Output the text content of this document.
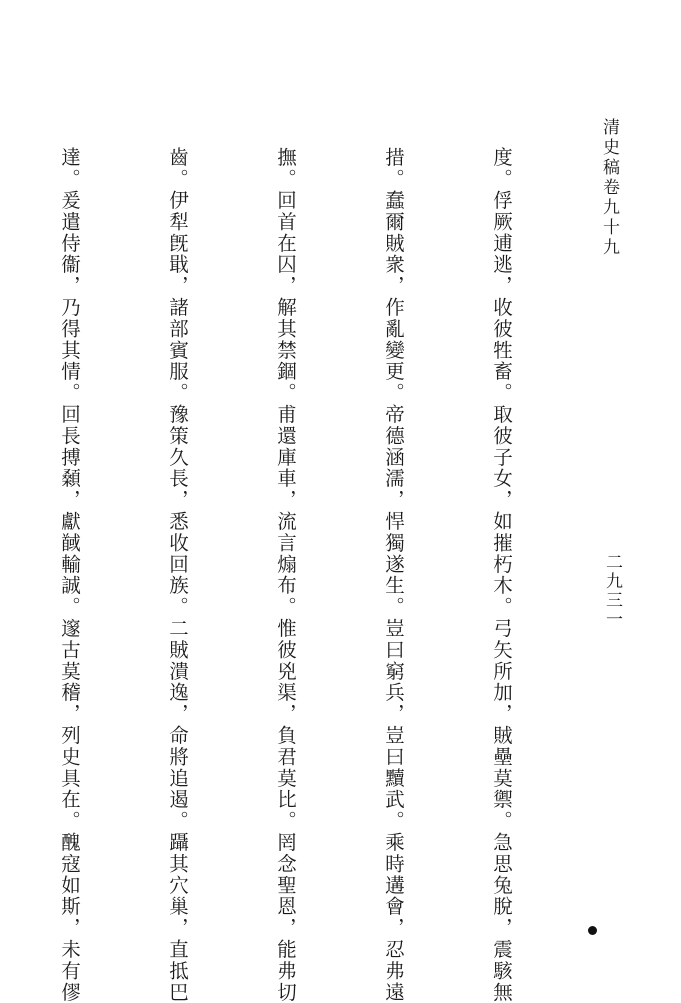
清史稿卷九十九
二九三一

度。俘厥逋逃，收彼牲畜。取彼子女，如摧朽木。弓矢所加，賊壘莫禦。急思兔脫，震駭無

措。蠢爾賊衆，作亂變更。帝德涵濡，悍獨遂生。豈曰窮兵，豈曰黷武。乘時遘會，忍弗遠

撫。回首在囚，解其禁錮。甫還庫車，流言煽布。惟彼兇渠，負君莫比。罔念聖恩，能弗切

齒。伊犁旣戢，諸部賓服。豫策久長，悉收回族。二賊潰逸，命將追遏。躡其穴巢，直抵巴

達。爰遣侍衞，乃得其情。回長搏顙，獻馘輸誠。邃古莫稽，列史具在。醜寇如斯，未有僇
